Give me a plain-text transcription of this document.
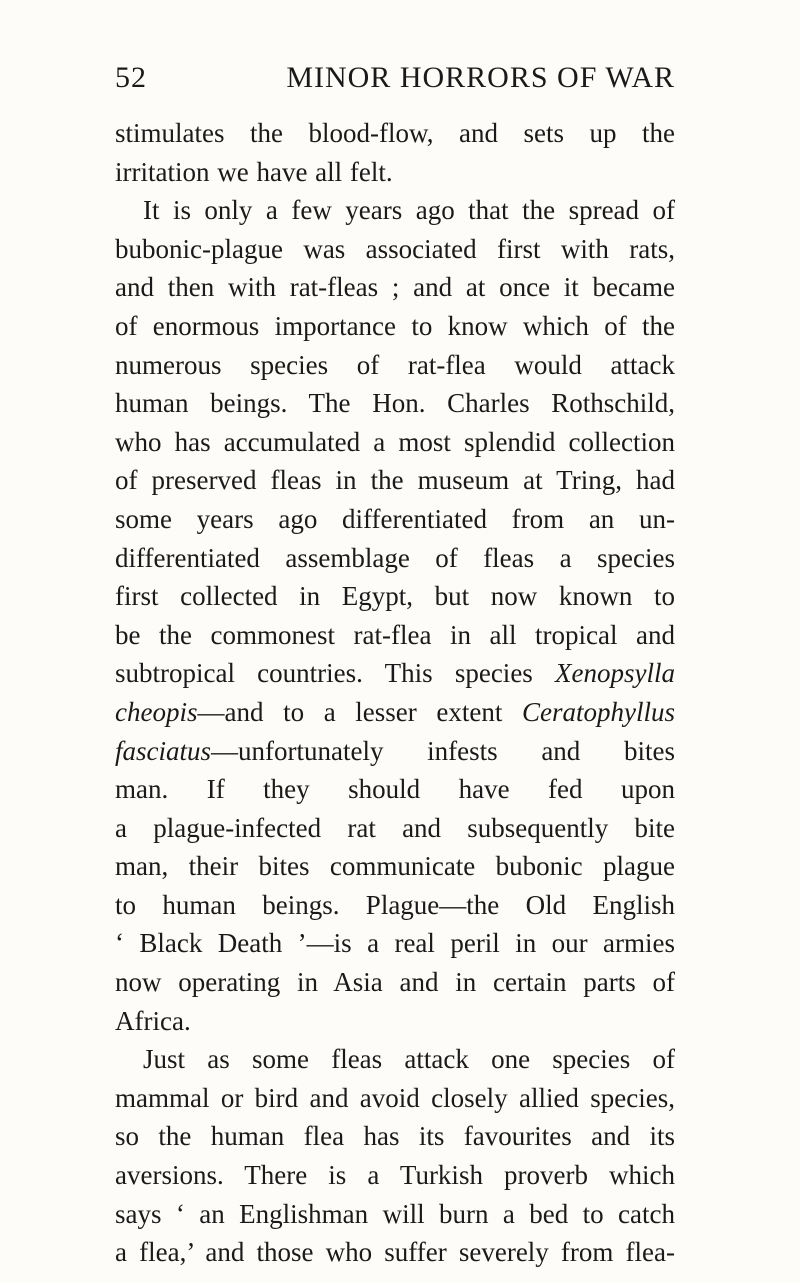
52	MINOR HORRORS OF WAR
stimulates the blood-flow, and sets up the
irritation we have all felt.
It is only a few years ago that the spread of
bubonic-plague was associated first with rats,
and then with rat-fleas ; and at once it became
of enormous importance to know which of the
numerous species of rat-flea would attack
human beings. The Hon. Charles Rothschild,
who has accumulated a most splendid collection
of preserved fleas in the museum at Tring, had
some years ago differentiated from an un-
differentiated assemblage of fleas a species
first collected in Egypt, but now known to
be the commonest rat-flea in all tropical and
subtropical countries. This species Xenopsylla
cheopis—and to a lesser extent Ceratophyllus
fasciatus—unfortunately infests and bites
man. If they should have fed upon
a plague-infected rat and subsequently bite
man, their bites communicate bubonic plague
to human beings. Plague—the Old English
‘ Black Death ’—is a real peril in our armies
now operating in Asia and in certain parts of
Africa.
Just as some fleas attack one species of
mammal or bird and avoid closely allied species,
so the human flea has its favourites and its
aversions. There is a Turkish proverb which
says ‘ an Englishman will burn a bed to catch
a flea,’ and those who suffer severely from flea-
